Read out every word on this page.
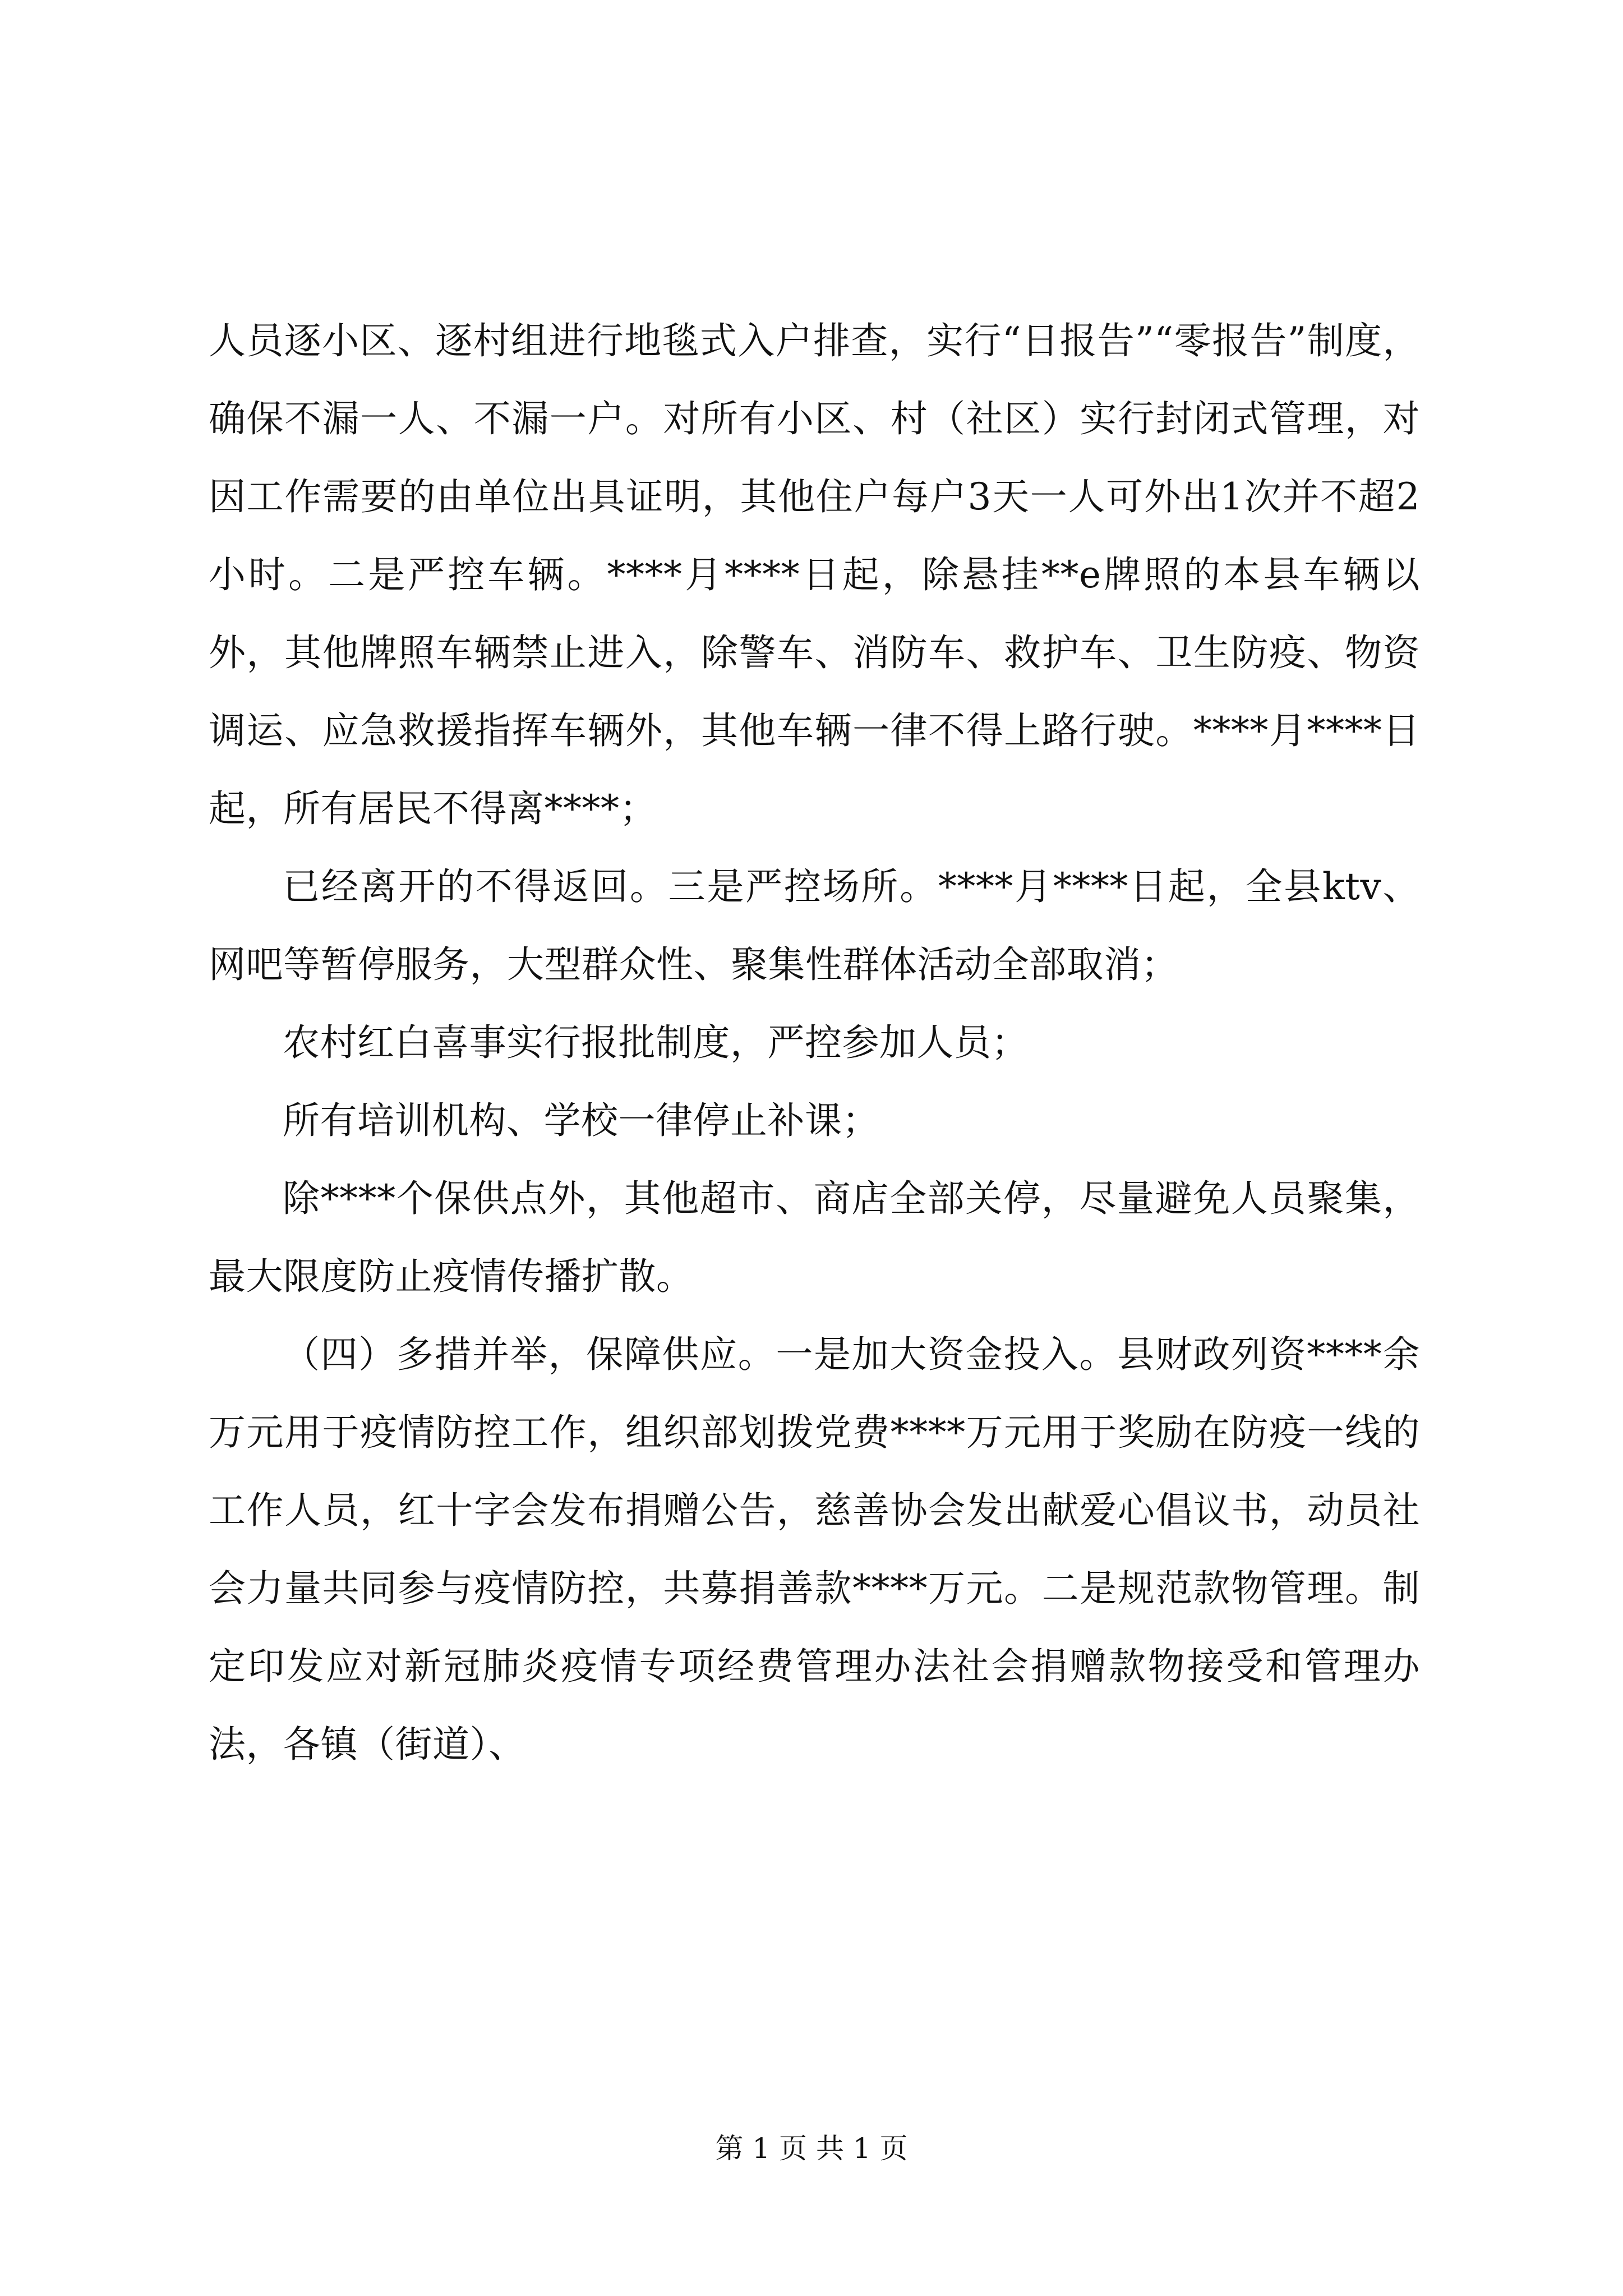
人员逐小区、逐村组进行地毯式入户排查，实行“日报告”“零报告”制度，确保不漏一人、不漏一户。对所有小区、村（社区）实行封闭式管理，对因工作需要的由单位出具证明，其他住户每户3天一人可外出1次并不超2小时。二是严控车辆。****月****日起，除悬挂**e牌照的本县车辆以外，其他牌照车辆禁止进入，除警车、消防车、救护车、卫生防疫、物资调运、应急救援指挥车辆外，其他车辆一律不得上路行驶。****月****日起，所有居民不得离****；

已经离开的不得返回。三是严控场所。****月****日起，全县ktv、网吧等暂停服务，大型群众性、聚集性群体活动全部取消；

农村红白喜事实行报批制度，严控参加人员；

所有培训机构、学校一律停止补课；

除****个保供点外，其他超市、商店全部关停，尽量避免人员聚集，最大限度防止疫情传播扩散。

（四）多措并举，保障供应。一是加大资金投入。县财政列资****余万元用于疫情防控工作，组织部划拨党费****万元用于奖励在防疫一线的工作人员，红十字会发布捐赠公告，慈善协会发出献爱心倡议书，动员社会力量共同参与疫情防控，共募捐善款****万元。二是规范款物管理。制定印发应对新冠肺炎疫情专项经费管理办法社会捐赠款物接受和管理办法，各镇（街道）、

第 1 页 共 1 页
